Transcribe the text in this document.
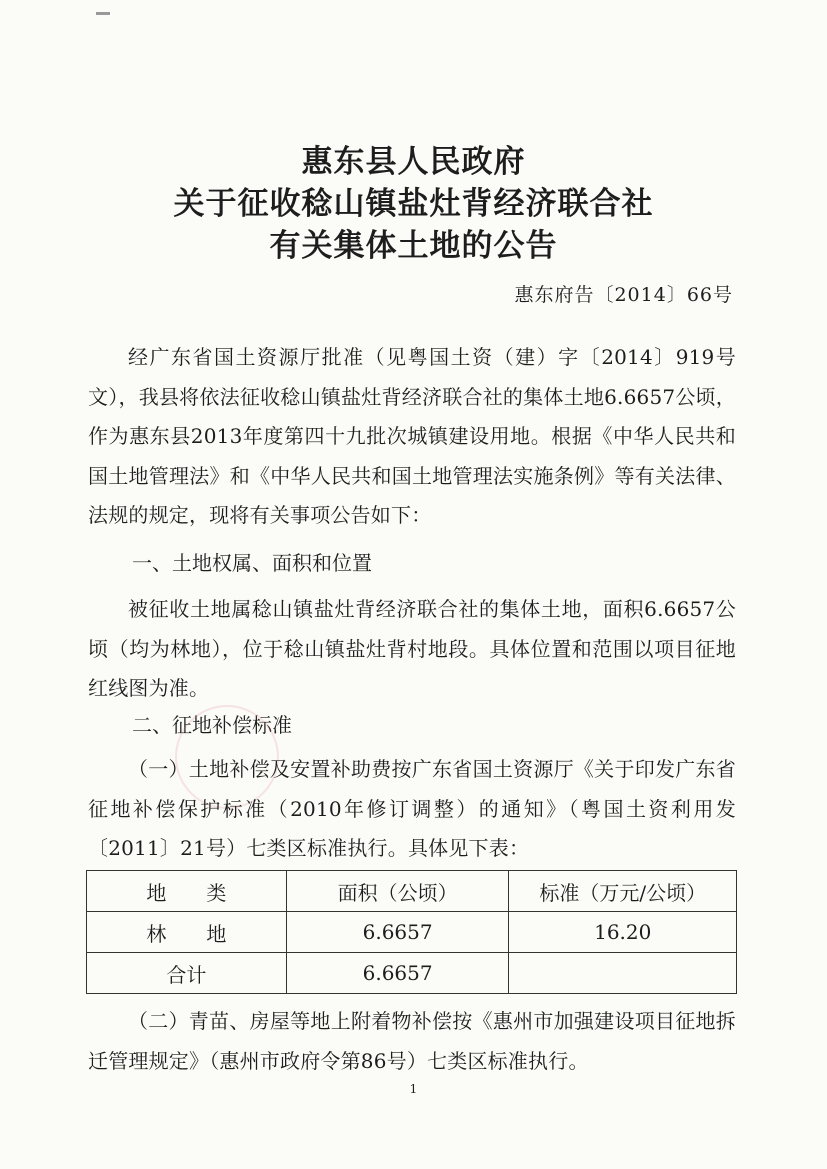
惠东县人民政府
关于征收稔山镇盐灶背经济联合社
有关集体土地的公告
惠东府告〔2014〕66号

经广东省国土资源厅批准（见粤国土资（建）字〔2014〕919号文），我县将依法征收稔山镇盐灶背经济联合社的集体土地6.6657公顷，作为惠东县2013年度第四十九批次城镇建设用地。根据《中华人民共和国土地管理法》和《中华人民共和国土地管理法实施条例》等有关法律、法规的规定，现将有关事项公告如下：

一、土地权属、面积和位置

被征收土地属稔山镇盐灶背经济联合社的集体土地，面积6.6657公顷（均为林地），位于稔山镇盐灶背村地段。具体位置和范围以项目征地红线图为准。

二、征地补偿标准

（一）土地补偿及安置补助费按广东省国土资源厅《关于印发广东省征地补偿保护标准（2010年修订调整）的通知》（粤国土资利用发〔2011〕21号）七类区标准执行。具体见下表：

地　　类	面积（公顷）	标准（万元/公顷）
林　　地	6.6657	16.20
合计	6.6657	

（二）青苗、房屋等地上附着物补偿按《惠州市加强建设项目征地拆迁管理规定》（惠州市政府令第86号）七类区标准执行。

1
